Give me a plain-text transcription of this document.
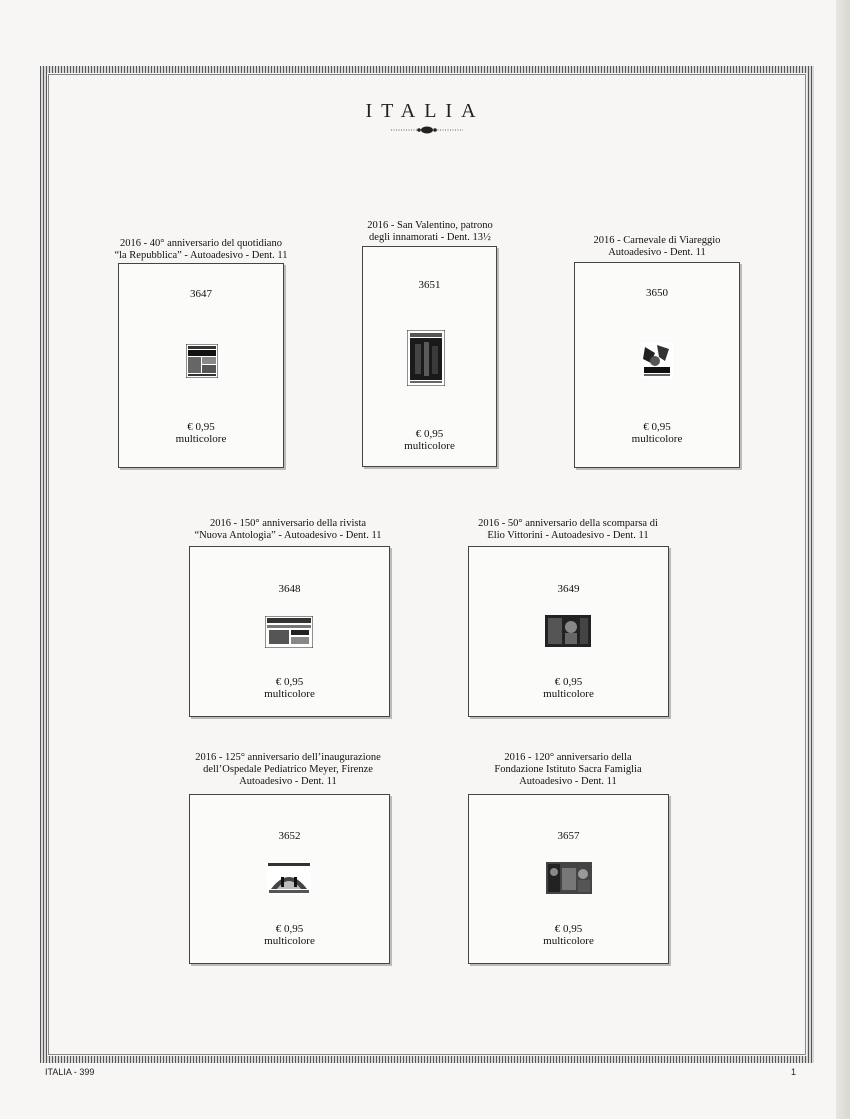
ITALIA
2016 - 40° anniversario del quotidiano
“la Repubblica” - Autoadesivo - Dent. 11
3647
€ 0,95
multicolore
2016 - San Valentino, patrono
degli innamorati - Dent. 13½
3651
€ 0,95
multicolore
2016 - Carnevale di Viareggio
Autoadesivo - Dent. 11
3650
€ 0,95
multicolore
2016 - 150° anniversario della rivista
“Nuova Antologia” - Autoadesivo - Dent. 11
3648
€ 0,95
multicolore
2016 - 50° anniversario della scomparsa di
Elio Vittorini - Autoadesivo - Dent. 11
3649
€ 0,95
multicolore
2016 - 125° anniversario dell’inaugurazione
dell’Ospedale Pediatrico Meyer, Firenze
Autoadesivo - Dent. 11
3652
€ 0,95
multicolore
2016 - 120° anniversario della
Fondazione Istituto Sacra Famiglia
Autoadesivo - Dent. 11
3657
€ 0,95
multicolore
ITALIA - 399	1
